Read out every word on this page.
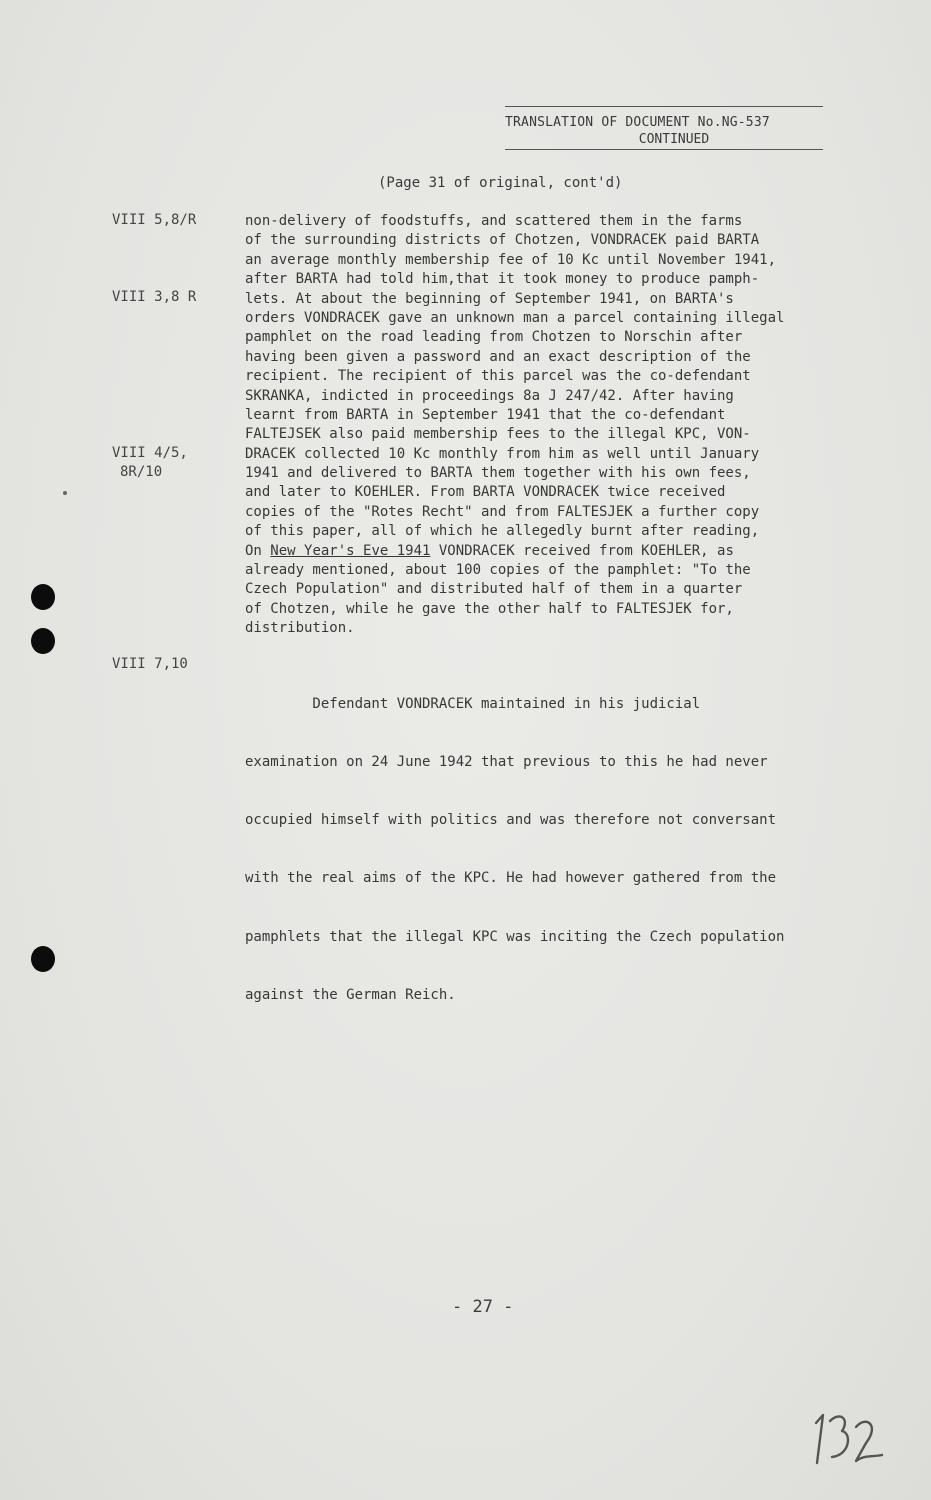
TRANSLATION OF DOCUMENT No.NG-537
CONTINUED
(Page 31 of original, cont'd)
VIII 5,8/R
VIII 3,8 R
VIII 4/5,
8R/10
VIII 7,10
non-delivery of foodstuffs, and scattered them in the farms
of the surrounding districts of Chotzen, VONDRACEK paid BARTA
an average monthly membership fee of 10 Kc until November 1941,
after BARTA had told him,that it took money to produce pamph-
lets. At about the beginning of September 1941, on BARTA's
orders VONDRACEK gave an unknown man a parcel containing illegal
pamphlet on the road leading from Chotzen to Norschin after
having been given a password and an exact description of the
recipient. The recipient of this parcel was the co-defendant
SKRANKA, indicted in proceedings 8a J 247/42. After having
learnt from BARTA in September 1941 that the co-defendant
FALTEJSEK also paid membership fees to the illegal KPC, VON-
DRACEK collected 10 Kc monthly from him as well until January
1941 and delivered to BARTA them together with his own fees,
and later to KOEHLER. From BARTA VONDRACEK twice received
copies of the "Rotes Recht" and from FALTESJEK a further copy
of this paper, all of which he allegedly burnt after reading,
On New Year's Eve 1941 VONDRACEK received from KOEHLER, as
already mentioned, about 100 copies of the pamphlet: "To the
Czech Population" and distributed half of them in a quarter
of Chotzen, while he gave the other half to FALTESJEK for,
distribution.

Defendant VONDRACEK maintained in his judicial

examination on 24 June 1942 that previous to this he had never

occupied himself with politics and was therefore not conversant

with the real aims of the KPC. He had however gathered from the

pamphlets that the illegal KPC was inciting the Czech population

against the German Reich.

- 27 -
